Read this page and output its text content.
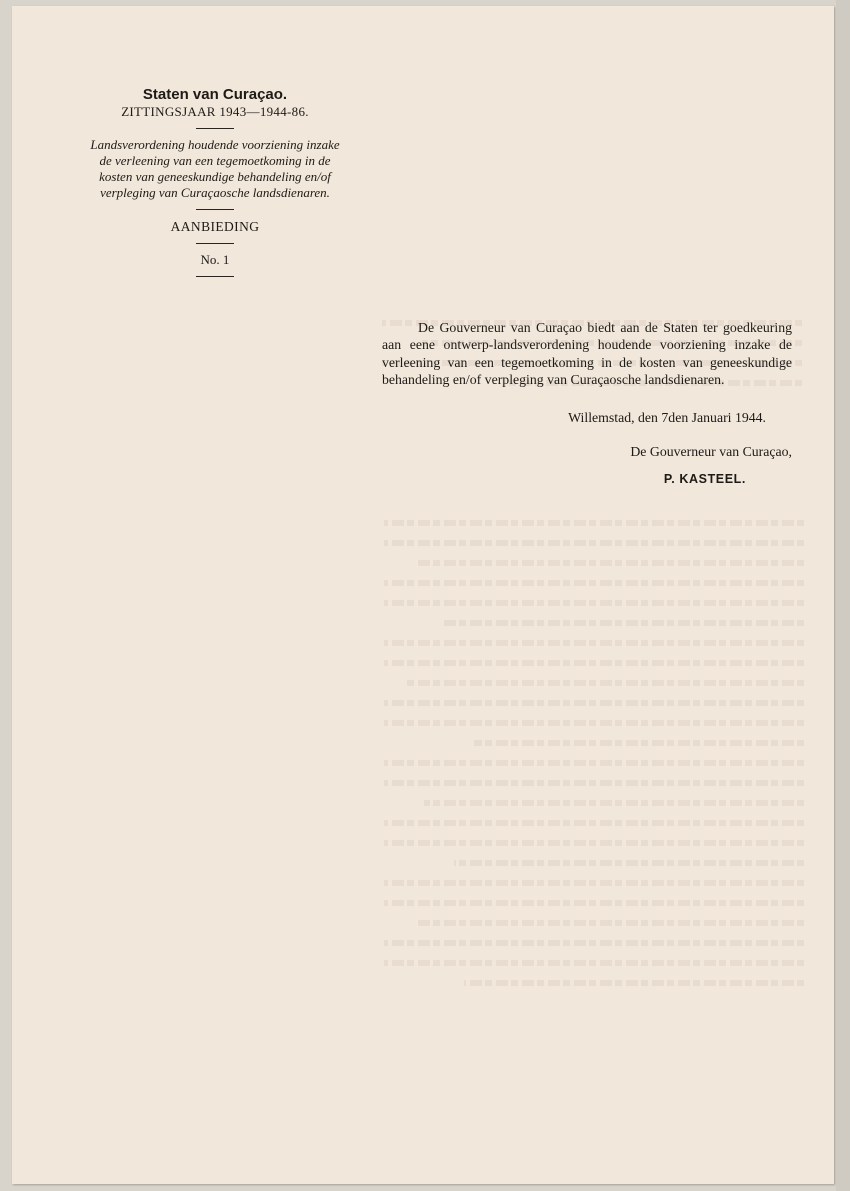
Staten van Curaçao.

ZITTINGSJAAR 1943—1944-86.

Landsverordening houdende voorziening inzake

de verleening van een tegemoetkoming in de

kosten van geneeskundige behandeling en/of

verpleging van Curaçaosche landsdienaren.

AANBIEDING

No. 1

De Gouverneur van Curaçao biedt aan de Staten ter goedkeuring aan eene ontwerp-landsverordening houdende voorziening inzake de verleening van een tegemoetkoming in de kosten van geneeskundige behandeling en/of verpleging van Curaçaosche landsdienaren.

Willemstad, den 7den Januari 1944.

De Gouverneur van Curaçao,

P. KASTEEL.
